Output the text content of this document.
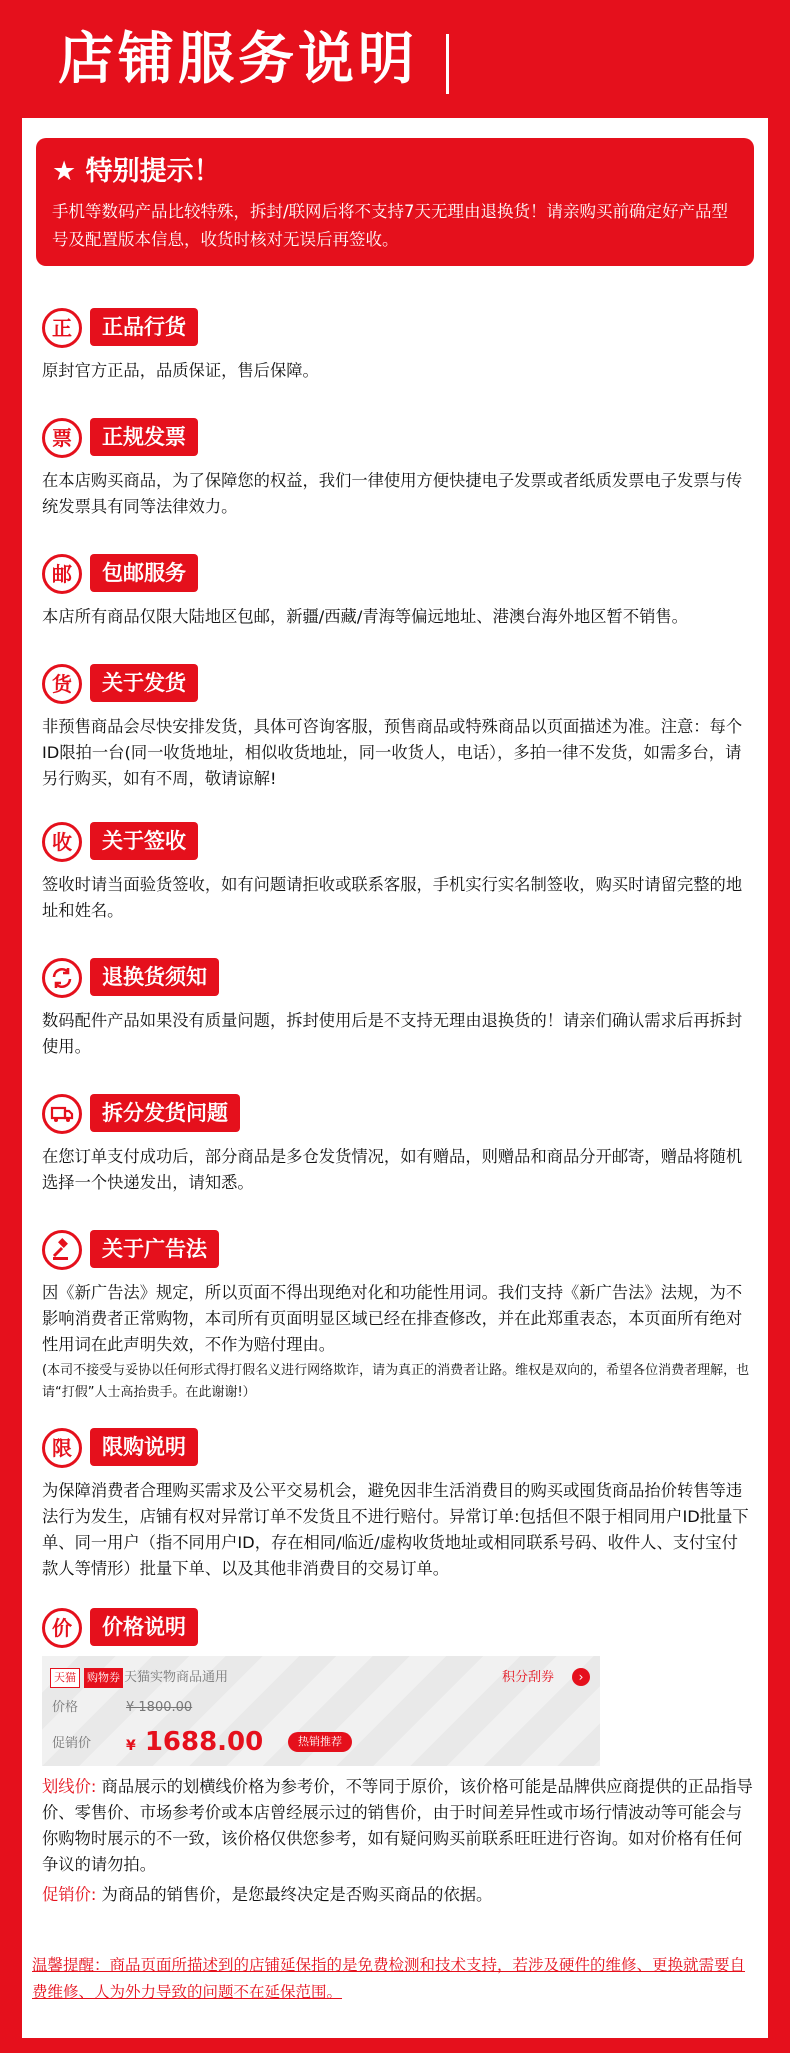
店铺服务说明
★ 特别提示！
手机等数码产品比较特殊，拆封/联网后将不支持7天无理由退换货！请亲购买前确定好产品型号及配置版本信息，收货时核对无误后再签收。
正	正品行货
原封官方正品，品质保证，售后保障。
票	正规发票
在本店购买商品，为了保障您的权益，我们一律使用方便快捷电子发票或者纸质发票电子发票与传统发票具有同等法律效力。
邮	包邮服务
本店所有商品仅限大陆地区包邮，新疆/西藏/青海等偏远地址、港澳台海外地区暂不销售。
货	关于发货
非预售商品会尽快安排发货，具体可咨询客服，预售商品或特殊商品以页面描述为准。注意：每个ID限拍一台(同一收货地址，相似收货地址，同一收货人，电话），多拍一律不发货，如需多台，请另行购买，如有不周，敬请谅解!
收	关于签收
签收时请当面验货签收，如有问题请拒收或联系客服，手机实行实名制签收，购买时请留完整的地址和姓名。
退换货须知
数码配件产品如果没有质量问题，拆封使用后是不支持无理由退换货的！请亲们确认需求后再拆封使用。
拆分发货问题
在您订单支付成功后，部分商品是多仓发货情况，如有赠品，则赠品和商品分开邮寄，赠品将随机选择一个快递发出，请知悉。
关于广告法
因《新广告法》规定，所以页面不得出现绝对化和功能性用词。我们支持《新广告法》法规，为不影响消费者正常购物，本司所有页面明显区域已经在排查修改，并在此郑重表态，本页面所有绝对性用词在此声明失效，不作为赔付理由。
(本司不接受与妥协以任何形式得打假名义进行网络欺诈，请为真正的消费者让路。维权是双向的，希望各位消费者理解，也请“打假”人士高抬贵手。在此谢谢!）
限	限购说明
为保障消费者合理购买需求及公平交易机会，避免因非生活消费目的购买或囤货商品抬价转售等违法行为发生，店铺有权对异常订单不发货且不进行赔付。异常订单:包括但不限于相同用户ID批量下单、同一用户（指不同用户ID，存在相同/临近/虚构收货地址或相同联系号码、收件人、支付宝付款人等情形）批量下单、以及其他非消费目的交易订单。
价	价格说明
天猫	购物券 天猫实物商品通用	积分刮券	›
价格	¥ 1800.00
促销价 ¥ 1688.00	热销推荐
划线价: 商品展示的划横线价格为参考价，不等同于原价，该价格可能是品牌供应商提供的正品指导价、零售价、市场参考价或本店曾经展示过的销售价，由于时间差异性或市场行情波动等可能会与你购物时展示的不一致，该价格仅供您参考，如有疑问购买前联系旺旺进行咨询。如对价格有任何争议的请勿拍。
促销价: 为商品的销售价，是您最终决定是否购买商品的依据。
温馨提醒：商品页面所描述到的店铺延保指的是免费检测和技术支持，若涉及硬件的维修、更换就需要自费维修、人为外力导致的问题不在延保范围。
